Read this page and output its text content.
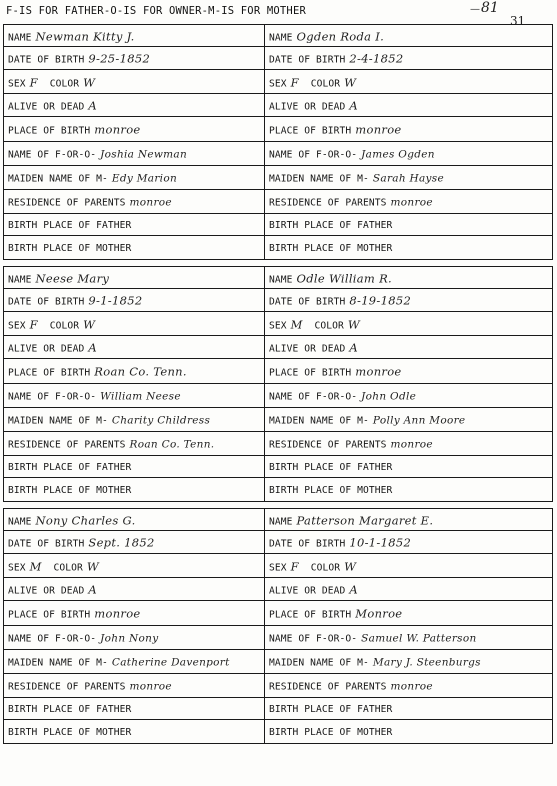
F-IS FOR FATHER-O-IS FOR OWNER-M-IS FOR MOTHER	— 81
31
NAME Newman Kitty J.
DATE OF BIRTH 9-25-1852
SEX F COLOR W
ALIVE OR DEAD A
PLACE OF BIRTH monroe
NAME OF F-OR-O- Joshia Newman
MAIDEN NAME OF M- Edy Marion
RESIDENCE OF PARENTS monroe
BIRTH PLACE OF FATHER
BIRTH PLACE OF MOTHER
NAME Neese Mary
DATE OF BIRTH 9-1-1852
SEX F COLOR W
ALIVE OR DEAD A
PLACE OF BIRTH Roan Co. Tenn.
NAME OF F-OR-O- William Neese
MAIDEN NAME OF M- Charity Childress
RESIDENCE OF PARENTS Roan Co. Tenn.
BIRTH PLACE OF FATHER
BIRTH PLACE OF MOTHER
NAME Nony Charles G.
DATE OF BIRTH Sept. 1852
SEX M COLOR W
ALIVE OR DEAD A
PLACE OF BIRTH monroe
NAME OF F-OR-O- John Nony
MAIDEN NAME OF M- Catherine Davenport
RESIDENCE OF PARENTS monroe
BIRTH PLACE OF FATHER
BIRTH PLACE OF MOTHER
NAME Ogden Roda I.
DATE OF BIRTH 2-4-1852
SEX F COLOR W
ALIVE OR DEAD A
PLACE OF BIRTH monroe
NAME OF F-OR-O- James Ogden
MAIDEN NAME OF M- Sarah Hayse
RESIDENCE OF PARENTS monroe
BIRTH PLACE OF FATHER
BIRTH PLACE OF MOTHER
NAME Odle William R.
DATE OF BIRTH 8-19-1852
SEX M COLOR W
ALIVE OR DEAD A
PLACE OF BIRTH monroe
NAME OF F-OR-O- John Odle
MAIDEN NAME OF M- Polly Ann Moore
RESIDENCE OF PARENTS monroe
BIRTH PLACE OF FATHER
BIRTH PLACE OF MOTHER
NAME Patterson Margaret E.
DATE OF BIRTH 10-1-1852
SEX F COLOR W
ALIVE OR DEAD A
PLACE OF BIRTH Monroe
NAME OF F-OR-O- Samuel W. Patterson
MAIDEN NAME OF M- Mary J. Steenburgs
RESIDENCE OF PARENTS monroe
BIRTH PLACE OF FATHER
BIRTH PLACE OF MOTHER
